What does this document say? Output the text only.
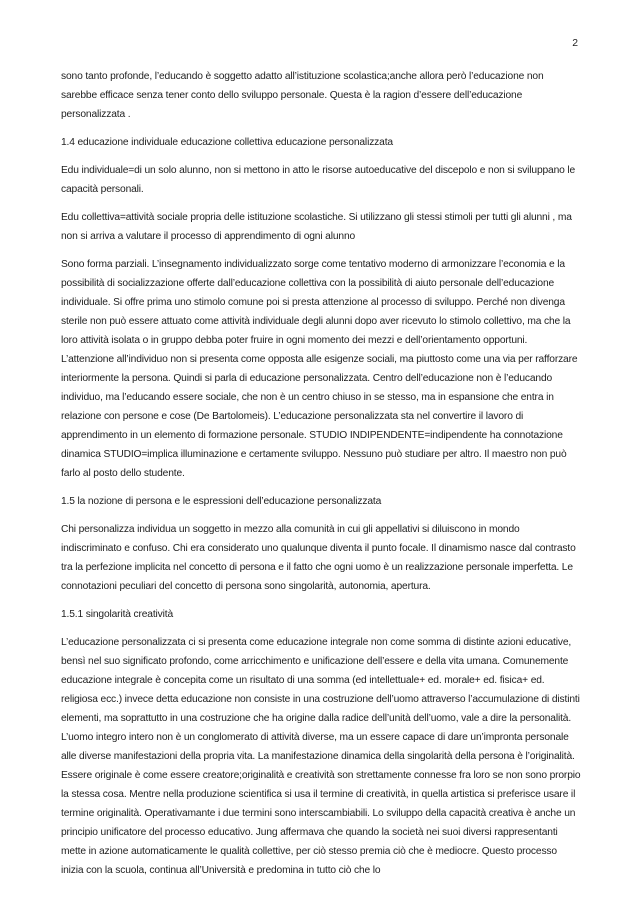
2

sono tanto profonde, l’educando è soggetto adatto all’istituzione scolastica;anche allora però l’educazione non sarebbe efficace senza tener conto dello sviluppo personale. Questa è la ragion d’essere dell’educazione personalizzata .

1.4 educazione individuale educazione collettiva educazione personalizzata

Edu individuale=di un solo alunno, non si mettono in atto le risorse autoeducative del discepolo e non si sviluppano le capacità personali.

Edu collettiva=attività sociale propria delle istituzione scolastiche. Si utilizzano gli stessi stimoli per tutti gli alunni , ma non si arriva a valutare il processo di apprendimento di ogni alunno

Sono forma parziali. L’insegnamento individualizzato sorge come tentativo moderno di armonizzare l’economia e la possibilità di socializzazione offerte dall’educazione collettiva con la possibilità di aiuto personale dell’educazione individuale. Si offre prima uno stimolo comune poi si presta attenzione al processo di sviluppo. Perché non divenga sterile non può essere attuato come attività individuale degli alunni dopo aver ricevuto lo stimolo collettivo, ma che la loro attività isolata o in gruppo debba poter fruire in ogni momento dei mezzi e dell’orientamento opportuni. L’attenzione all’individuo non si presenta come opposta alle esigenze sociali, ma piuttosto come una via per rafforzare interiormente la persona. Quindi si parla di educazione personalizzata. Centro dell’educazione non è l’educando individuo, ma l’educando essere sociale, che non è un centro chiuso in se stesso, ma in espansione che entra in relazione con persone e cose (De Bartolomeis). L’educazione personalizzata sta nel convertire il lavoro di apprendimento in un elemento di formazione personale. STUDIO INDIPENDENTE=indipendente ha connotazione dinamica STUDIO=implica illuminazione e certamente sviluppo. Nessuno può studiare per altro. Il maestro non può farlo al posto dello studente.

1.5 la nozione di persona e le espressioni dell’educazione personalizzata

Chi personalizza individua un soggetto in mezzo alla comunità in cui gli appellativi si diluiscono in mondo indiscriminato e confuso. Chi era considerato uno qualunque diventa il punto focale. Il dinamismo nasce dal contrasto tra la perfezione implicita nel concetto di persona e il fatto che ogni uomo è un realizzazione personale imperfetta. Le connotazioni peculiari del concetto di persona sono singolarità, autonomia, apertura.

1.5.1 singolarità creatività

L’educazione personalizzata ci si presenta come educazione integrale non come somma di distinte azioni educative, bensì nel suo significato profondo, come arricchimento e unificazione dell’essere e della vita umana. Comunemente educazione integrale è concepita come un risultato di una somma (ed intellettuale+ ed. morale+ ed. fisica+ ed. religiosa ecc.) invece detta educazione non consiste in una costruzione dell’uomo attraverso l’accumulazione di distinti elementi, ma soprattutto in una costruzione che ha origine dalla radice dell’unità dell’uomo, vale a dire la personalità. L’uomo integro intero non è un conglomerato di attività diverse, ma un essere capace di dare un’impronta personale alle diverse manifestazioni della propria vita. La manifestazione dinamica della singolarità della persona è l’originalità. Essere originale è come essere creatore;originalità e creatività son strettamente connesse fra loro se non sono prorpio la stessa cosa. Mentre nella produzione scientifica si usa il termine di creatività, in quella artistica si preferisce usare il termine originalità. Operativamante i due termini sono interscambiabili. Lo sviluppo della capacità creativa è anche un principio unificatore del processo educativo. Jung affermava che quando la società nei suoi diversi rappresentanti mette in azione automaticamente le qualità collettive, per ciò stesso premia ciò che è mediocre. Questo processo inizia con la scuola, continua all’Università e predomina in tutto ciò che lo
